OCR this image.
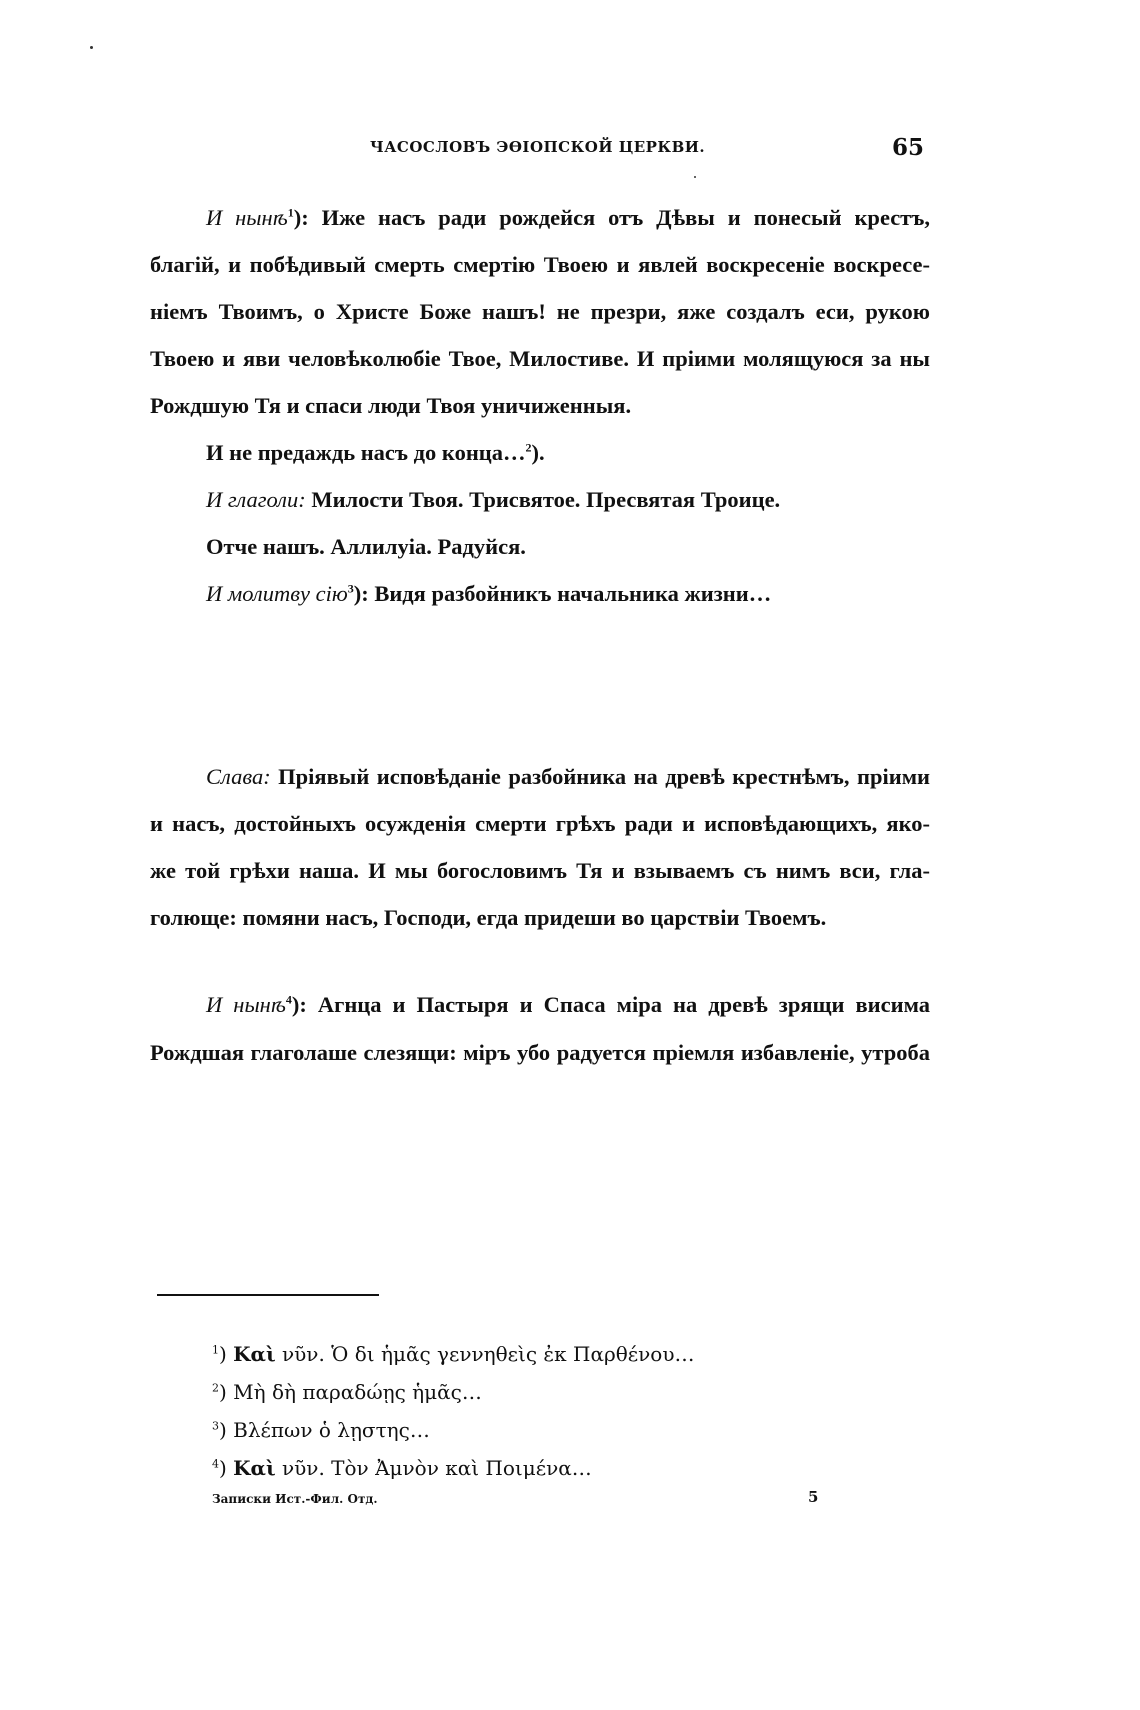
ЧАСОСЛОВЪ ЭѲІОПСКОЙ ЦЕРКВИ.	65
И нынѣ$^1$): Иже насъ ради рождейся отъ Дѣвы и понесый крестъ,
благій, и побѣдивый смерть смертію Твоею и явлей воскресеніе воскресе-
ніемъ Твоимъ, о Христе Боже нашъ! не презри, яже создалъ еси, рукою
Твоею и яви человѣколюбіе Твое, Милостиве. И пріими молящуюся за ны
Рождшую Тя и спаси люди Твоя уничиженныя.
И не предаждь насъ до конца…$^2$).
И глаголи: Милости Твоя. Трисвятое. Пресвятая Троице.
Отче нашъ. Аллилуіа. Радуйся.
И молитву сію$^3$): Видя разбойникъ начальника жизни…
Слава: Пріявый исповѣданіе разбойника на древѣ крестнѣмъ, пріими
и насъ, достойныхъ осужденія смерти грѣхъ ради и исповѣдающихъ, яко-
же той грѣхи наша. И мы богословимъ Тя и взываемъ съ нимъ вси, гла-
голюще: помяни насъ, Господи, егда придеши во царствіи Твоемъ.
И нынѣ$^4$): Агнца и Пастыря и Спаса міра на древѣ зрящи висима
Рождшая глаголаше слезящи: міръ убо радуется пріемля избавленіе, утроба
$^1$) Καὶ νῦν. Ὁ δι ἡμᾶς γεννηθεὶς ἐκ Παρθένου…
$^2$) Μὴ δὴ παραδώῃς ἡμᾶς…
$^3$) Βλέπων ὁ λῃστης…
$^4$) Καὶ νῦν. Τὸν Ἀμνὸν καὶ Ποιμένα…
Записки Ист.-Фил. Отд.	5
